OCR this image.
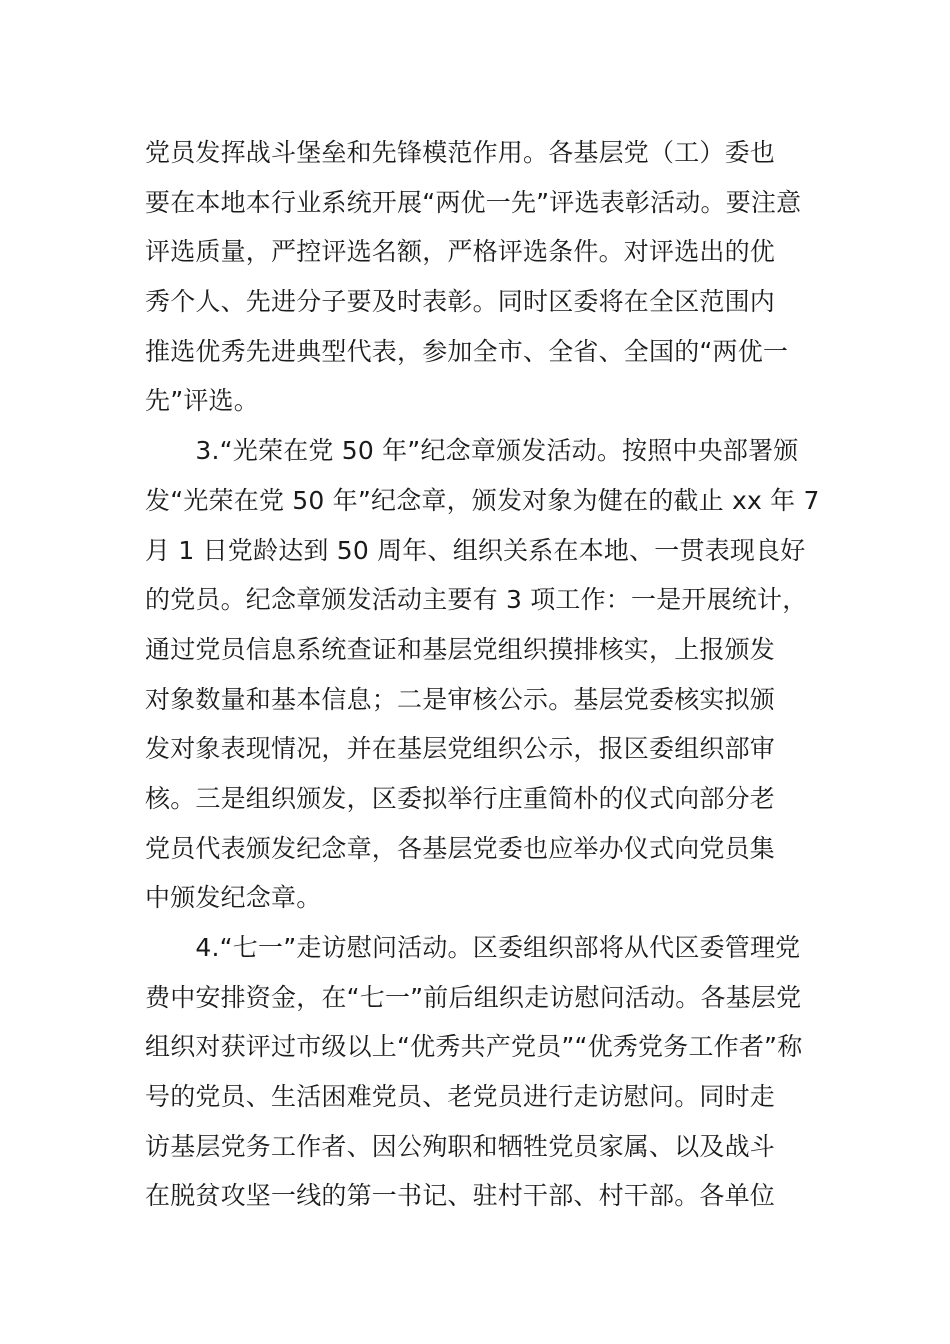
党员发挥战斗堡垒和先锋模范作用。各基层党（工）委也
要在本地本行业系统开展“两优一先”评选表彰活动。要注意
评选质量，严控评选名额，严格评选条件。对评选出的优
秀个人、先进分子要及时表彰。同时区委将在全区范围内
推选优秀先进典型代表，参加全市、全省、全国的“两优一
先”评选。
　　3.“光荣在党 50 年”纪念章颁发活动。按照中央部署颁
发“光荣在党 50 年”纪念章，颁发对象为健在的截止 xx 年 7
月 1 日党龄达到 50 周年、组织关系在本地、一贯表现良好
的党员。纪念章颁发活动主要有 3 项工作：一是开展统计，
通过党员信息系统查证和基层党组织摸排核实，上报颁发
对象数量和基本信息；二是审核公示。基层党委核实拟颁
发对象表现情况，并在基层党组织公示，报区委组织部审
核。三是组织颁发，区委拟举行庄重简朴的仪式向部分老
党员代表颁发纪念章，各基层党委也应举办仪式向党员集
中颁发纪念章。
　　4.“七一”走访慰问活动。区委组织部将从代区委管理党
费中安排资金，在“七一”前后组织走访慰问活动。各基层党
组织对获评过市级以上“优秀共产党员”“优秀党务工作者”称
号的党员、生活困难党员、老党员进行走访慰问。同时走
访基层党务工作者、因公殉职和牺牲党员家属、以及战斗
在脱贫攻坚一线的第一书记、驻村干部、村干部。各单位
